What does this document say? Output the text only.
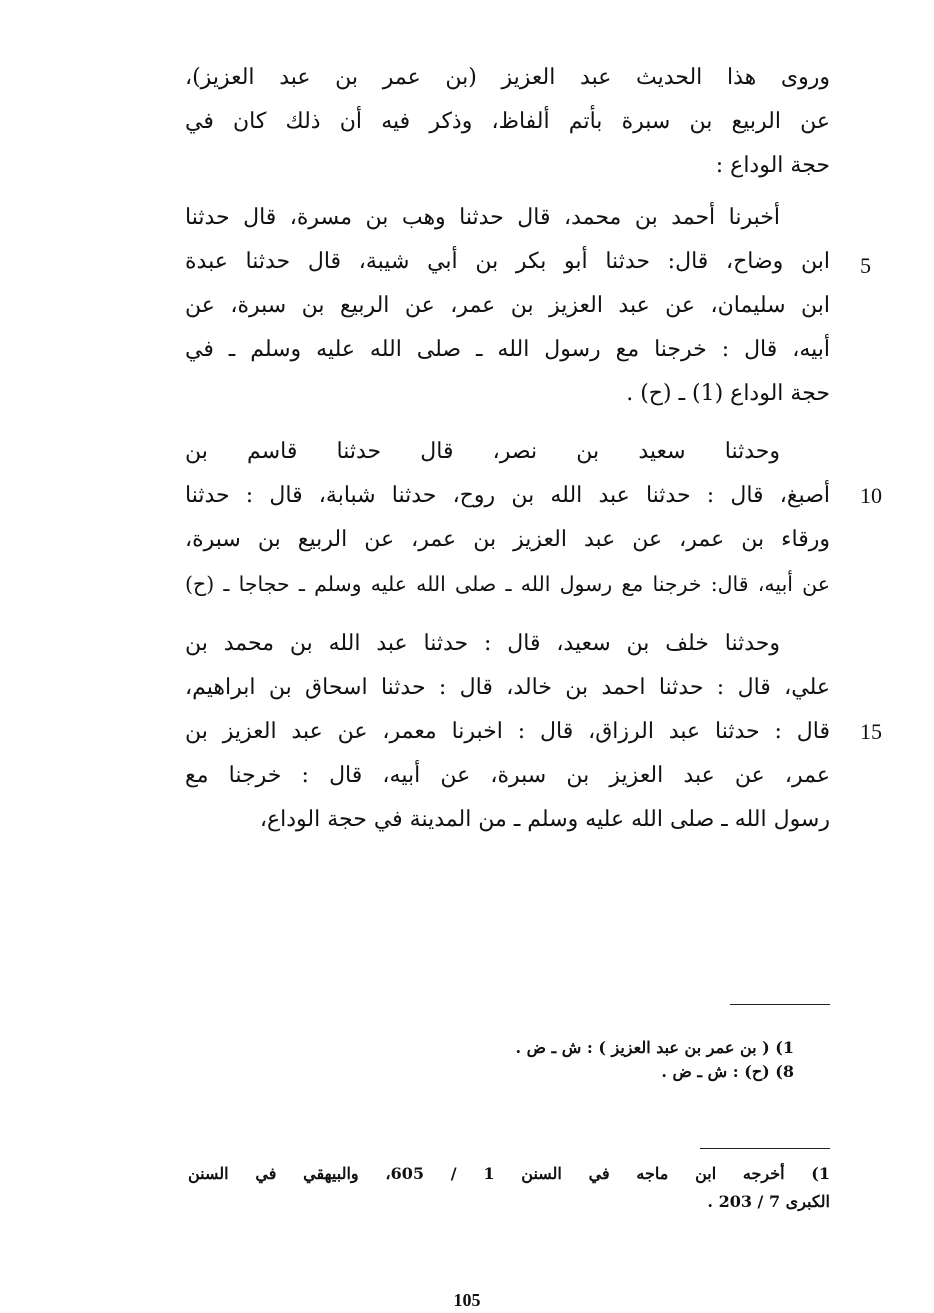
وروى هذا الحديث عبد العزيز (بن عمر بن عبد العزيز)،
عن الربيع بن سبرة بأتم ألفاظ، وذكر فيه أن ذلك كان في
حجة الوداع :
أخبرنا أحمد بن محمد، قال حدثنا وهب بن مسرة، قال حدثنا
ابن وضاح، قال: حدثنا أبو بكر بن أبي شيبة، قال حدثنا عبدة
ابن سليمان، عن عبد العزيز بن عمر، عن الربيع بن سبرة، عن
أبيه، قال : خرجنا مع رسول الله ـ صلى الله عليه وسلم ـ في
حجة الوداع (1) ـ (ح) .
وحدثنا سعيد بن نصر، قال حدثنا قاسم بن
أصبغ، قال : حدثنا عبد الله بن روح، حدثنا شبابة، قال : حدثنا
ورقاء بن عمر، عن عبد العزيز بن عمر، عن الربيع بن سبرة،
عن أبيه، قال: خرجنا مع رسول الله ـ صلى الله عليه وسلم ـ حجاجا ـ (ح)
وحدثنا خلف بن سعيد، قال : حدثنا عبد الله بن محمد بن
علي، قال : حدثنا احمد بن خالد، قال : حدثنا اسحاق بن ابراهيم،
قال : حدثنا عبد الرزاق، قال : اخبرنا معمر، عن عبد العزيز بن
عمر، عن عبد العزيز بن سبرة، عن أبيه، قال : خرجنا مع
رسول الله ـ صلى الله عليه وسلم ـ من المدينة في حجة الوداع،
5
10
15
1) ( بن عمر بن عبد العزيز ) : ش ـ ض .
8) (ح) : ش ـ ض .
1) أخرجه ابن ماجه في السنن 1 / 605، والبيهقي في السنن
الكبرى 7 / 203 .
105
